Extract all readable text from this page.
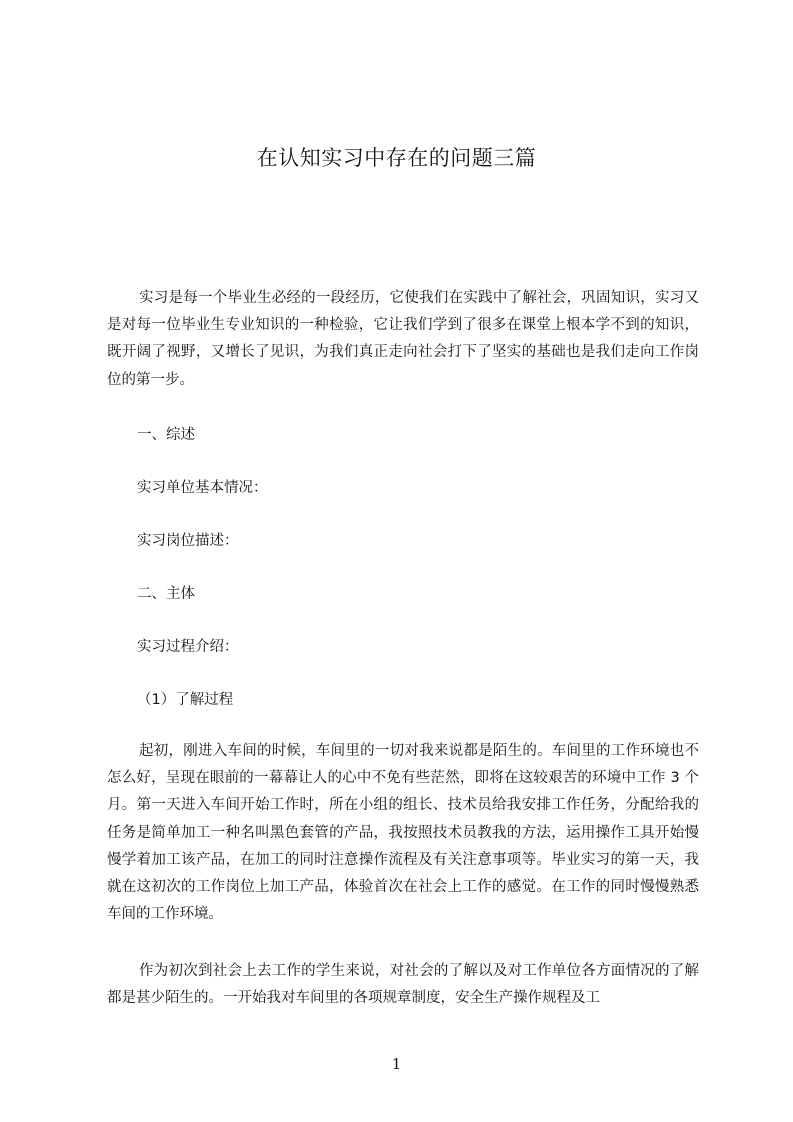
在认知实习中存在的问题三篇
实习是每一个毕业生必经的一段经历，它使我们在实践中了解社会，巩固知识，实习又是对每一位毕业生专业知识的一种检验，它让我们学到了很多在课堂上根本学不到的知识，既开阔了视野，又增长了见识，为我们真正走向社会打下了坚实的基础也是我们走向工作岗位的第一步。
一、综述
实习单位基本情况：
实习岗位描述：
二、主体
实习过程介绍：
（1）了解过程
起初，刚进入车间的时候，车间里的一切对我来说都是陌生的。车间里的工作环境也不怎么好，呈现在眼前的一幕幕让人的心中不免有些茫然，即将在这较艰苦的环境中工作 3 个月。第一天进入车间开始工作时，所在小组的组长、技术员给我安排工作任务，分配给我的任务是简单加工一种名叫黑色套管的产品，我按照技术员教我的方法，运用操作工具开始慢慢学着加工该产品，在加工的同时注意操作流程及有关注意事项等。毕业实习的第一天，我就在这初次的工作岗位上加工产品，体验首次在社会上工作的感觉。在工作的同时慢慢熟悉车间的工作环境。
作为初次到社会上去工作的学生来说，对社会的了解以及对工作单位各方面情况的了解都是甚少陌生的。一开始我对车间里的各项规章制度，安全生产操作规程及工
1
